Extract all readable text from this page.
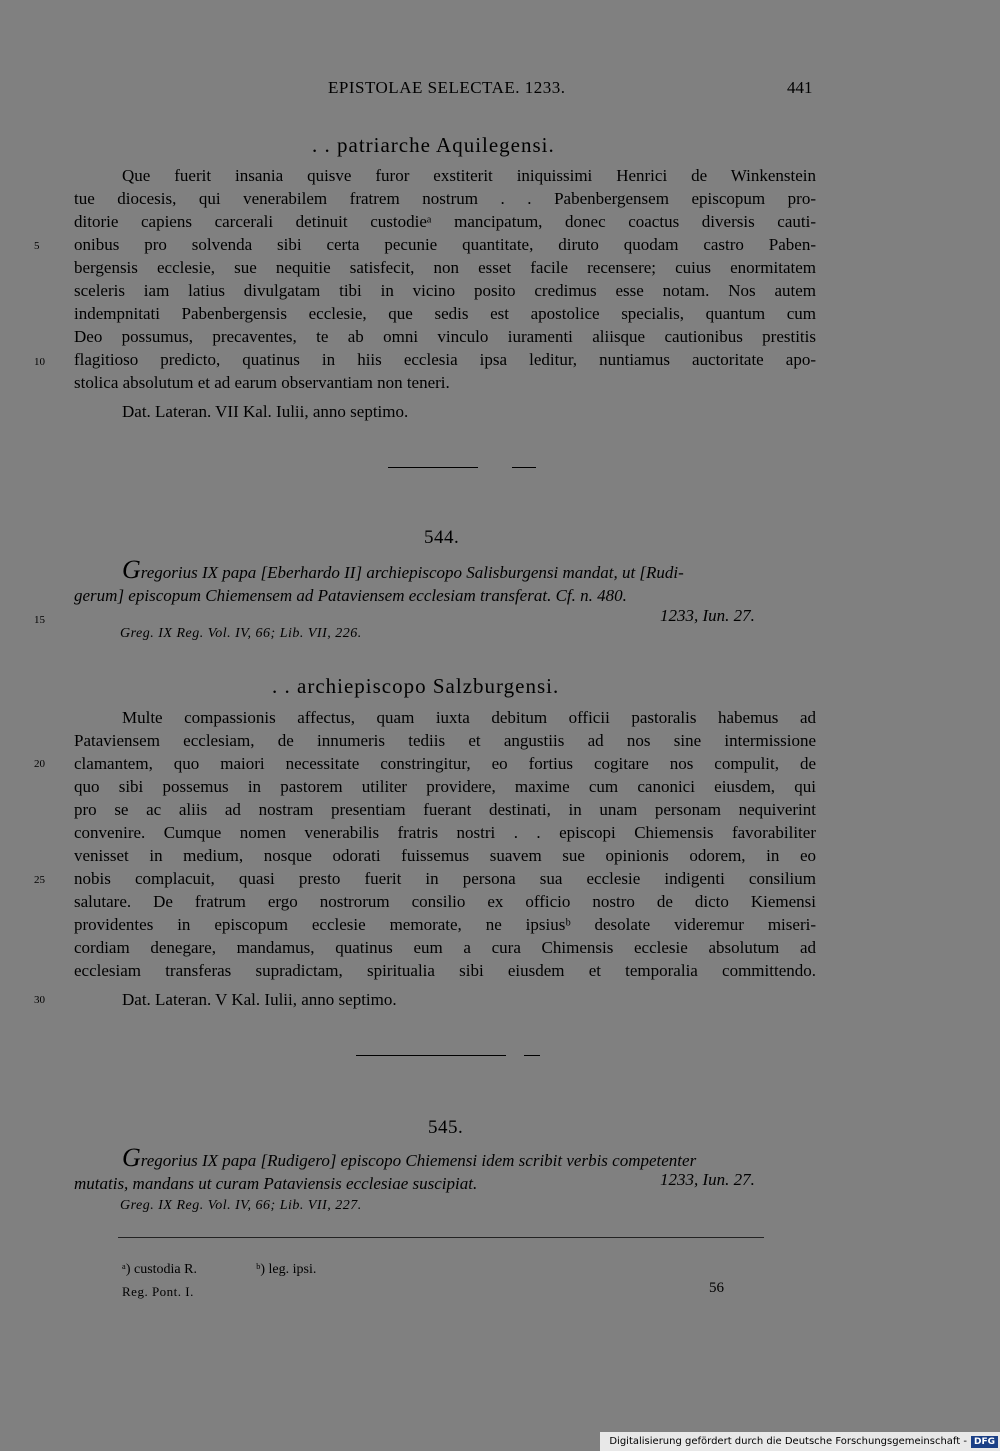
EPISTOLAE SELECTAE. 1233.	441
. . patriarche Aquilegensi.
Que fuerit insania quisve furor exstiterit iniquissimi Henrici de Winkenstein
tue diocesis, qui venerabilem fratrem nostrum . . Pabenbergensem episcopum pro-
ditorie capiens carcerali detinuit custodieᵃ mancipatum, donec coactus diversis cauti-
onibus pro solvenda sibi certa pecunie quantitate, diruto quodam castro Paben-
bergensis ecclesie, sue nequitie satisfecit, non esset facile recensere; cuius enormitatem
sceleris iam latius divulgatam tibi in vicino posito credimus esse notam. Nos autem
indempnitati Pabenbergensis ecclesie, que sedis est apostolice specialis, quantum cum
Deo possumus, precaventes, te ab omni vinculo iuramenti aliisque cautionibus prestitis
flagitioso predicto, quatinus in hiis ecclesia ipsa leditur, nuntiamus auctoritate apo-
stolica absolutum et ad earum observantiam non teneri.
Dat. Lateran. VII Kal. Iulii, anno septimo.
5
10
15
20
25
30
544.
Gregorius IX papa [Eberhardo II] archiepiscopo Salisburgensi mandat, ut [Rudi-
gerum] episcopum Chiemensem ad Pataviensem ecclesiam transferat. Cf. n. 480.
1233, Iun. 27.
Greg. IX Reg. Vol. IV, 66; Lib. VII, 226.
. . archiepiscopo Salzburgensi.
Multe compassionis affectus, quam iuxta debitum officii pastoralis habemus ad
Pataviensem ecclesiam, de innumeris tediis et angustiis ad nos sine intermissione
clamantem, quo maiori necessitate constringitur, eo fortius cogitare nos compulit, de
quo sibi possemus in pastorem utiliter providere, maxime cum canonici eiusdem, qui
pro se ac aliis ad nostram presentiam fuerant destinati, in unam personam nequiverint
convenire. Cumque nomen venerabilis fratris nostri . . episcopi Chiemensis favorabiliter
venisset in medium, nosque odorati fuissemus suavem sue opinionis odorem, in eo
nobis complacuit, quasi presto fuerit in persona sua ecclesie indigenti consilium
salutare. De fratrum ergo nostrorum consilio ex officio nostro de dicto Kiemensi
providentes in episcopum ecclesie memorate, ne ipsiusᵇ desolate videremur miseri-
cordiam denegare, mandamus, quatinus eum a cura Chimensis ecclesie absolutum ad
ecclesiam transferas supradictam, spiritualia sibi eiusdem et temporalia committendo.
Dat. Lateran. V Kal. Iulii, anno septimo.
545.
Gregorius IX papa [Rudigero] episcopo Chiemensi idem scribit verbis competenter
mutatis, mandans ut curam Pataviensis ecclesiae suscipiat.	1233, Iun. 27.
Greg. IX Reg. Vol. IV, 66; Lib. VII, 227.
ᵃ) custodia R.	ᵇ) leg. ipsi.
Reg. Pont. I.	56
Digitalisierung gefördert durch die Deutsche Forschungsgemeinschaft - DFG
